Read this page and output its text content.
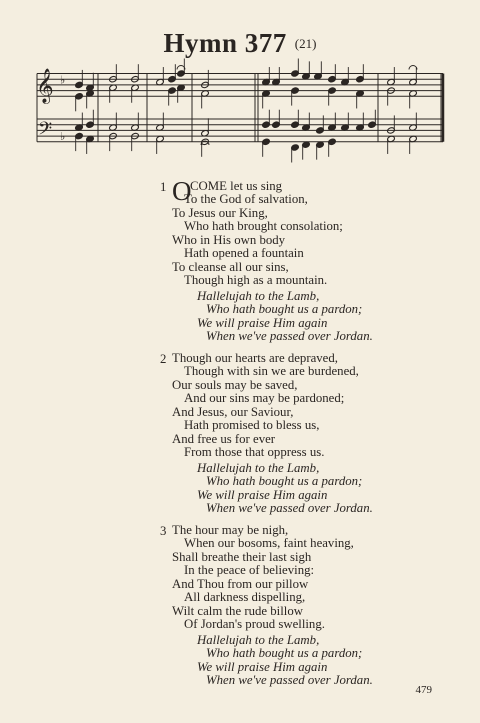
Hymn 377 $^{(21)}$
𝄞
𝄢
♭
♭
1 O
COME let us sing
To the God of salvation,
To Jesus our King,
Who hath brought consolation;
Who in His own body
Hath opened a fountain
To cleanse all our sins,
Though high as a mountain.
Hallelujah to the Lamb,
Who hath bought us a pardon;
We will praise Him again
When we've passed over Jordan.
2 Though our hearts are depraved,
Though with sin we are burdened,
Our souls may be saved,
And our sins may be pardoned;
And Jesus, our Saviour,
Hath promised to bless us,
And free us for ever
From those that oppress us.
Hallelujah to the Lamb,
Who hath bought us a pardon;
We will praise Him again
When we've passed over Jordan.
3 The hour may be nigh,
When our bosoms, faint heaving,
Shall breathe their last sigh
In the peace of believing:
And Thou from our pillow
All darkness dispelling,
Wilt calm the rude billow
Of Jordan's proud swelling.
Hallelujah to the Lamb,
Who hath bought us a pardon;
We will praise Him again
When we've passed over Jordan.
479
